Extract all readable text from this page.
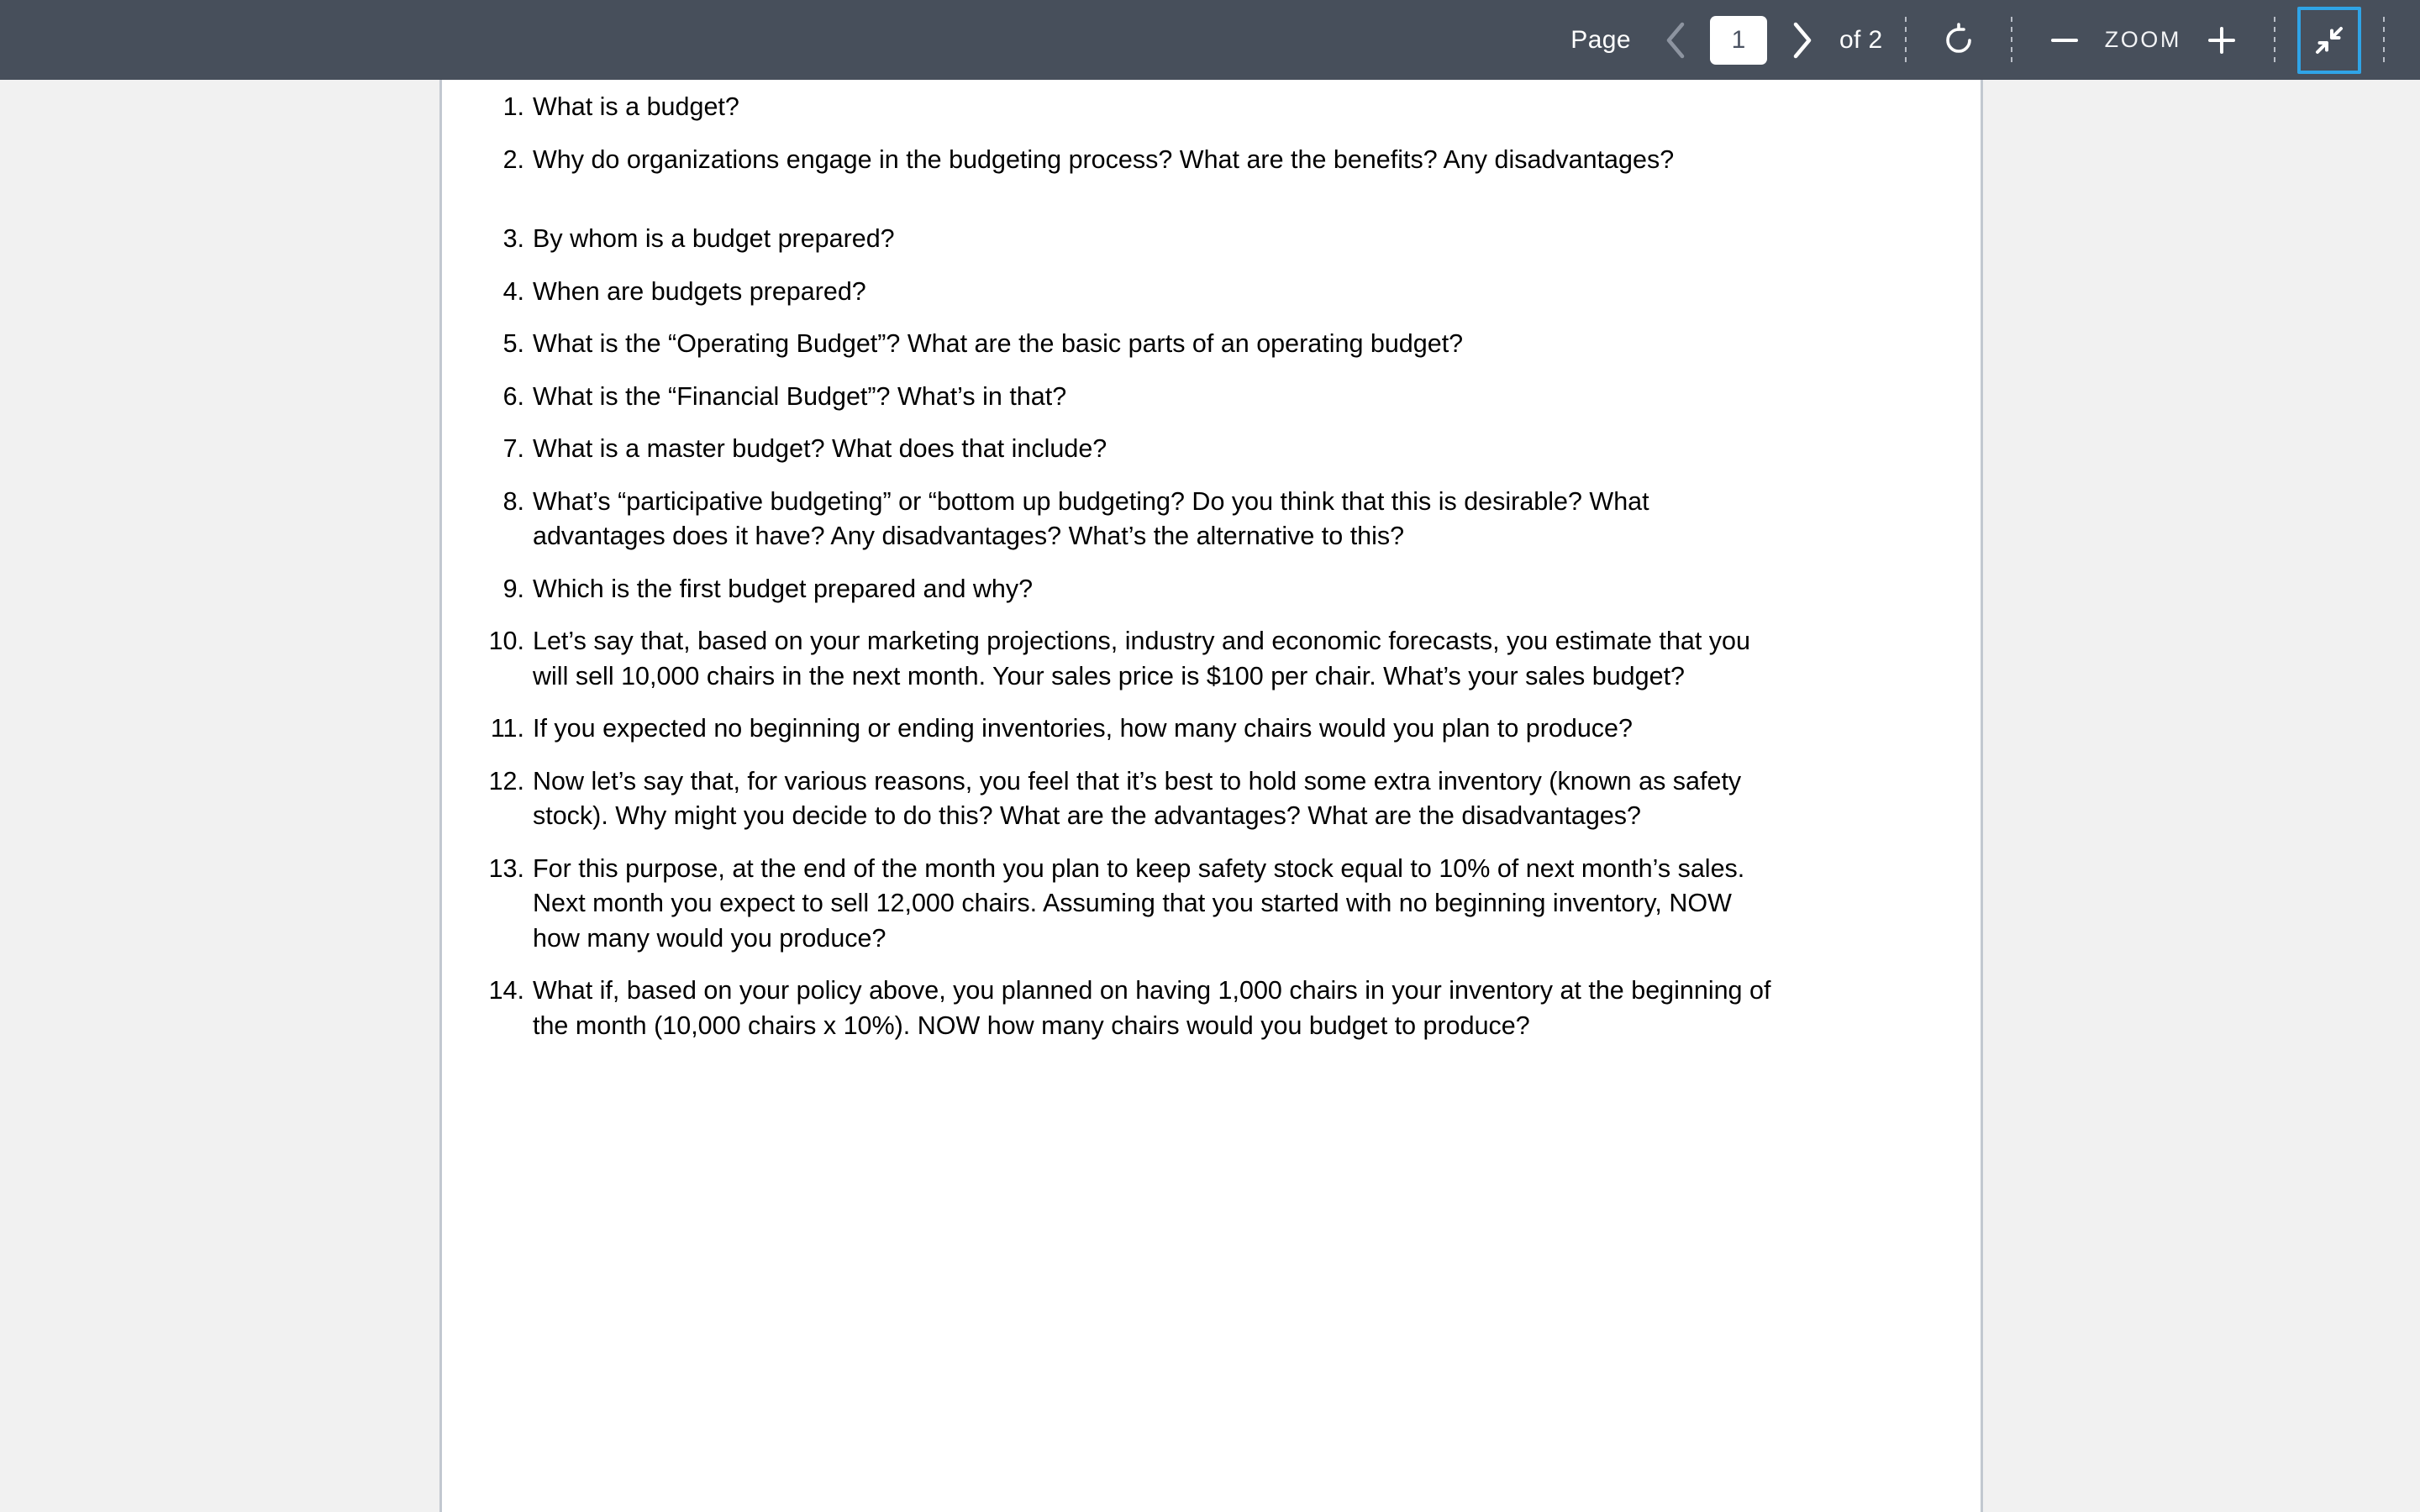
Page
1	of 2	ZOOM
1. What is a budget?
2. Why do organizations engage in the budgeting process? What are the benefits? Any disadvantages?
3. By whom is a budget prepared?
4. When are budgets prepared?
5. What is the “Operating Budget”? What are the basic parts of an operating budget?
6. What is the “Financial Budget”? What’s in that?
7. What is a master budget? What does that include?
8. What’s “participative budgeting” or “bottom up budgeting? Do you think that this is desirable? What advantages does it have? Any disadvantages? What’s the alternative to this?
9. Which is the first budget prepared and why?
10. Let’s say that, based on your marketing projections, industry and economic forecasts, you estimate that you will sell 10,000 chairs in the next month. Your sales price is $100 per chair. What’s your sales budget?
11. If you expected no beginning or ending inventories, how many chairs would you plan to produce?
12. Now let’s say that, for various reasons, you feel that it’s best to hold some extra inventory (known as safety stock). Why might you decide to do this? What are the advantages? What are the disadvantages?
13. For this purpose, at the end of the month you plan to keep safety stock equal to 10% of next month’s sales. Next month you expect to sell 12,000 chairs. Assuming that you started with no beginning inventory, NOW how many would you produce?
14. What if, based on your policy above, you planned on having 1,000 chairs in your inventory at the beginning of the month (10,000 chairs x 10%). NOW how many chairs would you budget to produce?
